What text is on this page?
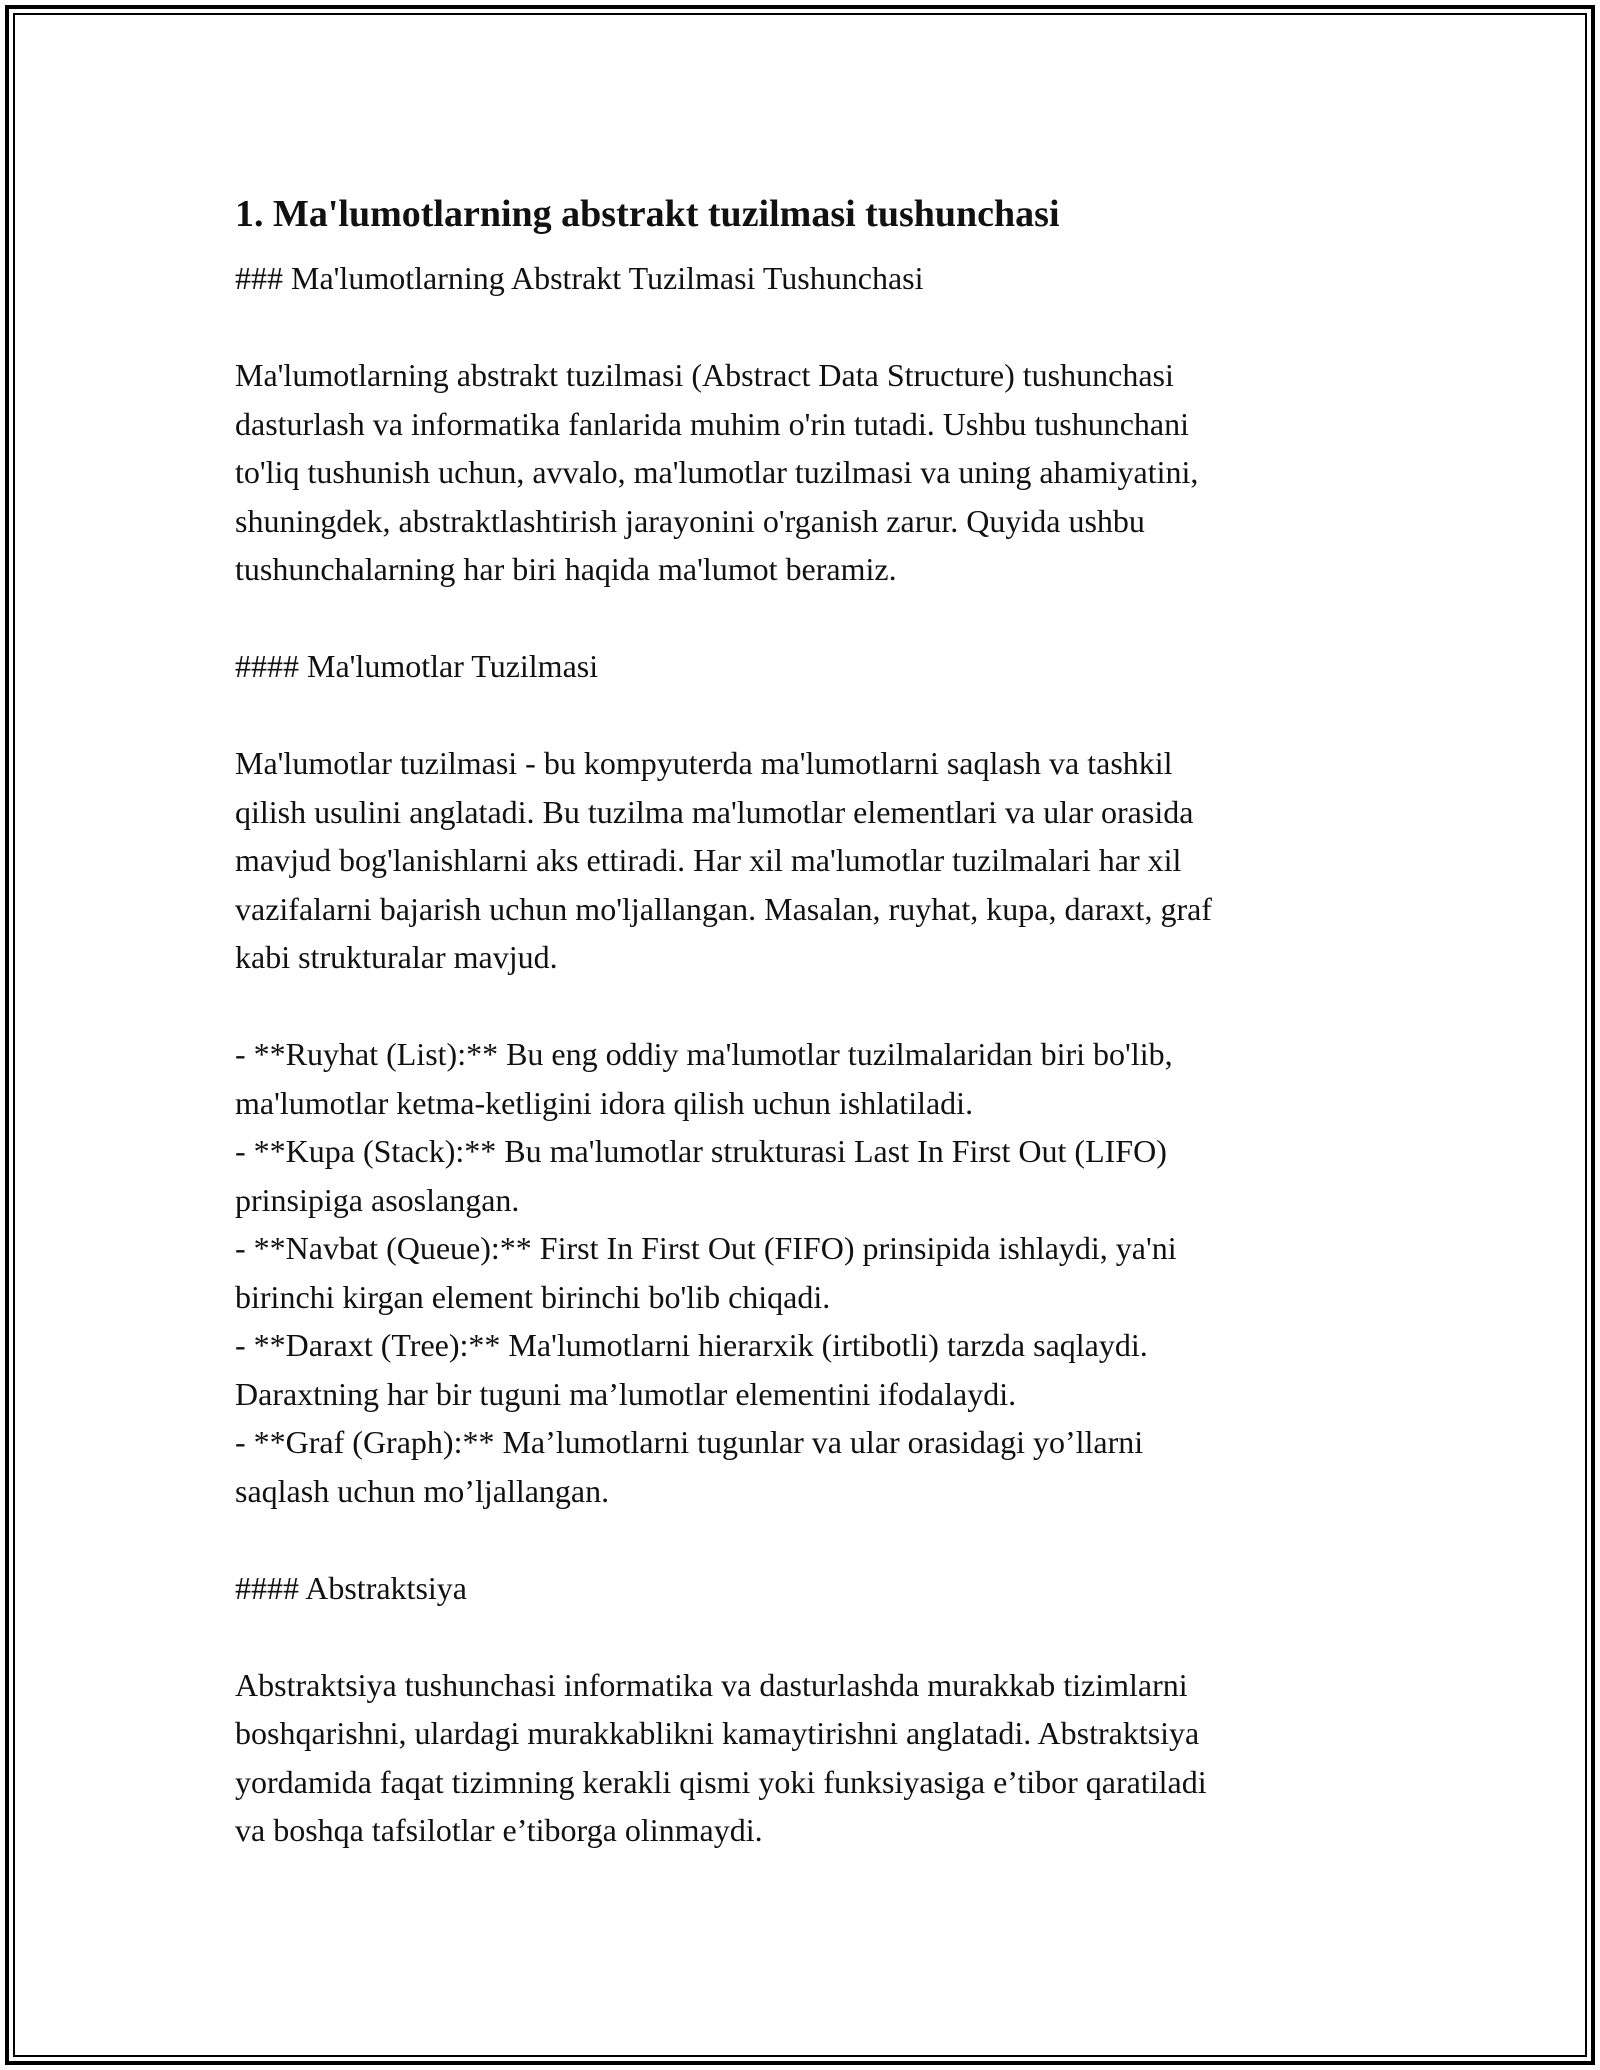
1. Ma'lumotlarning abstrakt tuzilmasi tushunchasi
### Ma'lumotlarning Abstrakt Tuzilmasi Tushunchasi
Ma'lumotlarning abstrakt tuzilmasi (Abstract Data Structure) tushunchasi
dasturlash va informatika fanlarida muhim o'rin tutadi. Ushbu tushunchani
to'liq tushunish uchun, avvalo, ma'lumotlar tuzilmasi va uning ahamiyatini,
shuningdek, abstraktlashtirish jarayonini o'rganish zarur. Quyida ushbu
tushunchalarning har biri haqida ma'lumot beramiz.
#### Ma'lumotlar Tuzilmasi
Ma'lumotlar tuzilmasi - bu kompyuterda ma'lumotlarni saqlash va tashkil
qilish usulini anglatadi. Bu tuzilma ma'lumotlar elementlari va ular orasida
mavjud bog'lanishlarni aks ettiradi. Har xil ma'lumotlar tuzilmalari har xil
vazifalarni bajarish uchun mo'ljallangan. Masalan, ruyhat, kupa, daraxt, graf
kabi strukturalar mavjud.
- **Ruyhat (List):** Bu eng oddiy ma'lumotlar tuzilmalaridan biri bo'lib,
ma'lumotlar ketma-ketligini idora qilish uchun ishlatiladi.
- **Kupa (Stack):** Bu ma'lumotlar strukturasi Last In First Out (LIFO)
prinsipiga asoslangan.
- **Navbat (Queue):** First In First Out (FIFO) prinsipida ishlaydi, ya'ni
birinchi kirgan element birinchi bo'lib chiqadi.
- **Daraxt (Tree):** Ma'lumotlarni hierarxik (irtibotli) tarzda saqlaydi.
Daraxtning har bir tuguni ma’lumotlar elementini ifodalaydi.
- **Graf (Graph):** Ma’lumotlarni tugunlar va ular orasidagi yo’llarni
saqlash uchun mo’ljallangan.
#### Abstraktsiya
Abstraktsiya tushunchasi informatika va dasturlashda murakkab tizimlarni
boshqarishni, ulardagi murakkablikni kamaytirishni anglatadi. Abstraktsiya
yordamida faqat tizimning kerakli qismi yoki funksiyasiga e’tibor qaratiladi
va boshqa tafsilotlar e’tiborga olinmaydi.
